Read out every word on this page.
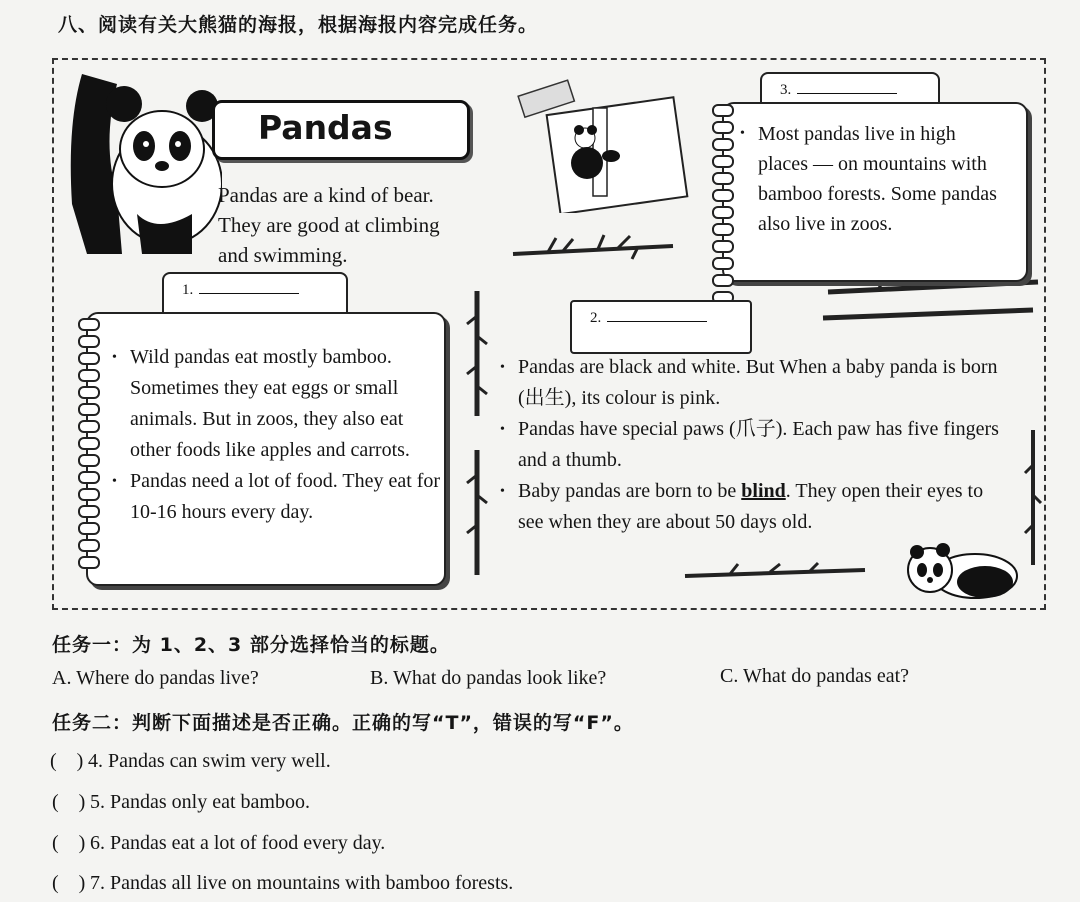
八、阅读有关大熊猫的海报，根据海报内容完成任务。
Pandas
Pandas are a kind of bear.
They are good at climbing
and swimming.
1.
• Wild pandas eat mostly bamboo. Sometimes they eat eggs or small animals. But in zoos, they also eat other foods like apples and carrots.
• Pandas need a lot of food. They eat for 10-16 hours every day.
3.
• Most pandas live in high places — on mountains with bamboo forests. Some pandas also live in zoos.
2.
• Pandas are black and white. But When a baby panda is born (出生), its colour is pink.
• Pandas have special paws (爪子). Each paw has five fingers and a thumb.
• Baby pandas are born to be blind. They open their eyes to see when they are about 50 days old.
任务一：为 1、2、3 部分选择恰当的标题。
A. Where do pandas live?	B. What do pandas look like?	C. What do pandas eat?
任务二：判断下面描述是否正确。正确的写“T”，错误的写“F”。
(    ) 4. Pandas can swim very well.
(    ) 5. Pandas only eat bamboo.
(    ) 6. Pandas eat a lot of food every day.
(    ) 7. Pandas all live on mountains with bamboo forests.
